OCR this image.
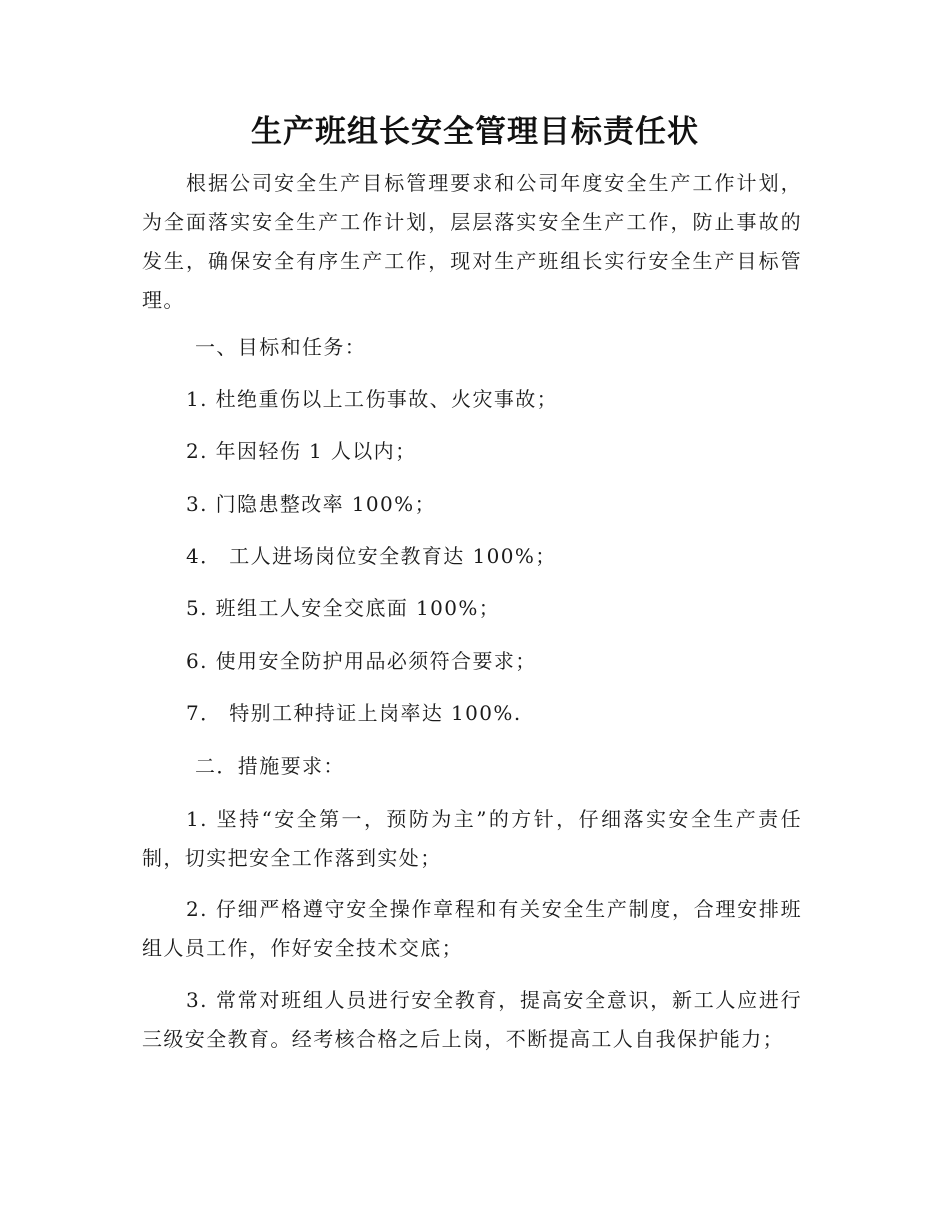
生产班组长安全管理目标责任状

根据公司安全生产目标管理要求和公司年度安全生产工作计划，为全面落实安全生产工作计划，层层落实安全生产工作，防止事故的发生，确保安全有序生产工作，现对生产班组长实行安全生产目标管理。

一、目标和任务：

1. 杜绝重伤以上工伤事故、火灾事故；

2. 年因轻伤 1 人以内；

3. 门隐患整改率 100%；

4． 工人进场岗位安全教育达 100%；

5. 班组工人安全交底面 100%；

6. 使用安全防护用品必须符合要求；

7． 特别工种持证上岗率达 100%.

二．措施要求：

1. 坚持“安全第一，预防为主”的方针，仔细落实安全生产责任制，切实把安全工作落到实处；

2. 仔细严格遵守安全操作章程和有关安全生产制度，合理安排班组人员工作，作好安全技术交底；

3. 常常对班组人员进行安全教育，提高安全意识，新工人应进行三级安全教育。经考核合格之后上岗，不断提高工人自我保护能力；
